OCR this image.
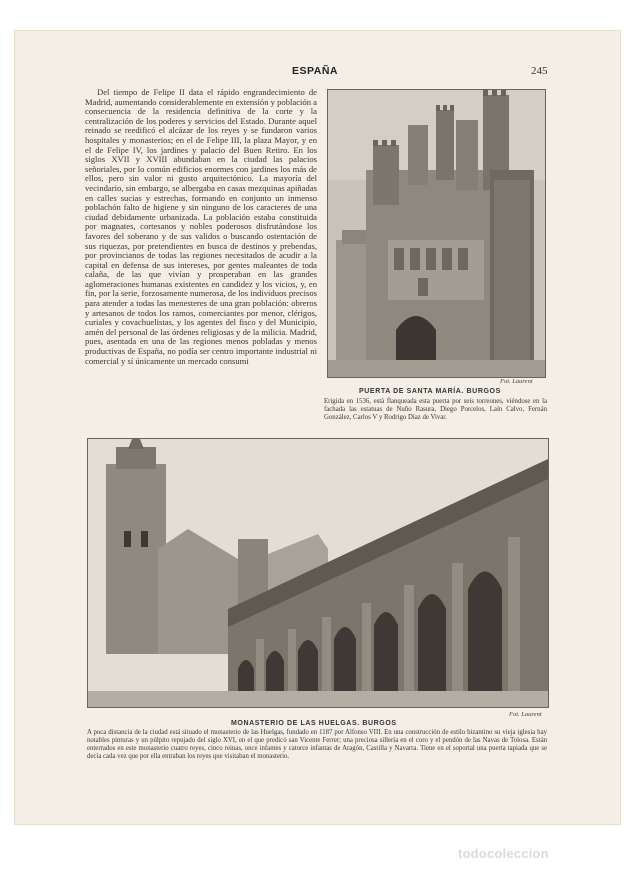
ESPAÑA	245

Del tiempo de Felipe II data el rápido engrandecimiento de Madrid, aumentando considerablemente en extensión y población a consecuencia de la residencia definitiva de la corte y la centralización de los poderes y servicios del Estado. Durante aquel reinado se reedificó el alcázar de los reyes y se fundaron varios hospitales y monasterios; en el de Felipe III, la plaza Mayor, y en el de Felipe IV, los jardines y palacio del Buen Retiro. En los siglos XVII y XVIII abundaban en la ciudad las palacios señoriales, por lo común edificios enormes con jardines los más de ellos, pero sin valor ni gusto arquitectónico. La mayoría del vecindario, sin embargo, se albergaba en casas mezquinas apiñadas en calles sucias y estrechas, formando en conjunto un inmenso poblachón falto de higiene y sin ninguno de los caracteres de una ciudad debidamente urbanizada. La población estaba constituida por magnates, cortesanos y nobles poderosos disfrutándose los favores del soberano y de sus validos o buscando ostentación de sus riquezas, por pretendientes en busca de destinos y prebendas, por provincianos de todas las regiones necesitados de acudir a la capital en defensa de sus intereses, por gentes maleantes de toda calaña, de las que vivían y prosperaban en las grandes aglomeraciones humanas existentes en candidez y los vicios, y, en fin, por la serie, forzosamente numerosa, de los individuos precisos para atender a todas las menesteres de una gran población: obreros y artesanos de todos los ramos, comerciantes por menor, clérigos, curiales y covachuelistas, y los agentes del fisco y del Municipio, amén del personal de las órdenes religiosas y de la milicia. Madrid, pues, asentada en una de las regiones menos pobladas y menos productivas de España, no podía ser centro importante industrial ni comercial y sí únicamente un mercado consumi

Fot. Laurent
PUERTA DE SANTA MARÍA. BURGOS

Erigida en 1536, está flanqueada esta puerta por seis torreones, viéndose en la fachada las estatuas de Nuño Rasura, Diego Porcelos, Laín Calvo, Fernán González, Carlos V y Rodrigo Díaz de Vivar.

Fot. Laurent
MONASTERIO DE LAS HUELGAS. BURGOS

A poca distancia de la ciudad está situado el monasterio de las Huelgas, fundado en 1187 por Alfonso VIII. En una construcción de estilo bizantino su vieja iglesia hay notables pinturas y un púlpito repujado del siglo XVI, en el que predicó san Vicente Ferrer; una preciosa sillería en el coro y el pendón de las Navas de Tolosa. Están enterrados en este monasterio cuatro reyes, cinco reinas, once infantes y catorce infantas de Aragón, Castilla y Navarra. Tiene en el soportal una puerta tapiada que se decía cada vez que por ella entraban los reyes que visitaban el monasterio.

todocoleccion
